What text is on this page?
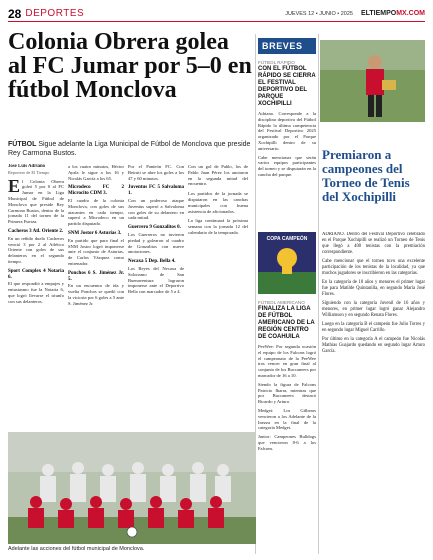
28 DEPORTES	JUEVES 12 • JUNIO • 2025 ELTIEMPOMX.COM
Colonia Obrera golea al FC Jumar por 5–0 en fútbol Monclova
FÚTBOL Sigue adelante la Liga Municipal de Fútbol de Monclova que preside Rey Carmona Bustos.
José Luis Adriano
Reportero de El Tiempo

El Colonia Obrera goleó 5 por 0 al FC Jumar en la Liga Municipal de Fútbol de Monclova que preside Rey Carmona Bustos, dentro de la jornada 11 del torneo de la Primera Fuerza.

Cacheros 3 Atl. Oriente 2.

En un reñido duelo Cacheros venció 3 por 2 al Atlético Oriente con goles de sus delanteros en el segundo tiempo.

Sport Complex 4 Notaria 6.

El que respondió a empujes y entusiasmo fue la Notaria 6, que logró llevarse el triunfo con sus delanteros.

a los cuatro minutos, Héctor Ayala le sigue a los 16 y Nicolás García a los 65.

Microdeco FC 2 Microcito CDM 3.

El cuadro de la colonia Monclova, con goles de sus atacantes en cada tiempo, superó a Microdeco en un partido disputado.

SNM Jostor 6 Asturias 3.

En partido que para final el SNM Jostor logró imponerse ante el conjunto de Asturias, de Carlos Vázquez como entrenador.

Ponchos 6 S. Jiménez Jr. 5.

En un encuentro de ida y vuelta Ponchos se quedó con la victoria por 6 goles a 5 ante S. Jiménez Jr.

Por el Panteón FC. Con Beiruti se abre los goles a los 47 y 60 minutos.

Juventus FC 5 Salvaloma 1.

Con un poderoso ataque Juventus superó a Salvaloma con goles de su delantero en cada mitad.

Guerrero 9 Gonzalitos 0.

Los Guerreros no tuvieron piedad y golearon al cuadro de Gonzalitos con nueve anotaciones.

Necaxa 5 Dep. Bella 4.

Los Reyes del Necaxa de Solorzano de San Buenaventura lograron imponerse ante el Deportivo Bella con marcador de 5 a 4.

Con un gol de Pablo, los de Pablo Juan Pérez los anotaron en la segunda mitad del encuentro.

Los partidos de la jornada se disputaron en las canchas municipales con buena asistencia de aficionados.

La liga continuará la próxima semana con la jornada 12 del calendario de la temporada.

Adelante las acciones del fútbol municipal de Monclova.
BREVES
FÚTBOL RÁPIDO
CON EL FÚTBOL RÁPIDO SE CIERRA EL FESTIVAL DEPORTIVO DEL PARQUE XOCHIPILLI

Adriano. Corresponde a la disciplina deportiva del Fútbol Rápido la última competencia del Festival Deportivo 2025 organizado por el Parque Xochipilli dentro de su aniversario.

Cabe mencionar que serán varios equipos participantes del torneo y se disputarán en la cancha del parque.

COPA CAMPEÓN
FÚTBOL AMERICANO
FINALIZA LA LIGA DE FÚTBOL AMERICANO DE LA REGIÓN CENTRO DE COAHUILA

PeeWee: Por segunda ocasión el equipo de los Falcons logró el campeonato de la PeeWee tras vencer en gran final al conjunto de los Buccaneers por marcador de 16 a 10.

Siendo la figura de Falcons Patricio Ibarra, mientras que por Buccaneers destacó Ricardo y Arturo.

Medget: Los Gilbears vencieron a los Adelante de la Inezza en la final de la categoría Medget.

Junior: Campeones Bulldogs que vencieron 8-6 a los Falcons.

Premiaron a campeones del Torneo de Tenis del Xochipilli

ADRIANO. Dentro del Festival Deportivo celebrado en el Parque Xochipilli se realizó un Torneo de Tenis que llegó a 400 tenistas con la premiación correspondiente.

Cabe mencionar que el torneo tuvo una excelente participación de los tenistas de la localidad, ya que muchos jugadores se inscribieron en las categorías.

En la categoría de 10 años y menores el primer lugar fue para Matilde Quintanilla, en segundo María José Flores.

Siguiendo con la categoría Juvenil de 16 años y menores, en primer lugar logró ganar Alejandro Williamson y en segundo Renata Flores.

Luego en la categoría B el campeón fue Julio Torres y en segundo lugar Miguel Carrillo.

Por último en la categoría A el campeón fue Nicolás Mathias Guajardo quedando en segundo lugar Arturo García.
